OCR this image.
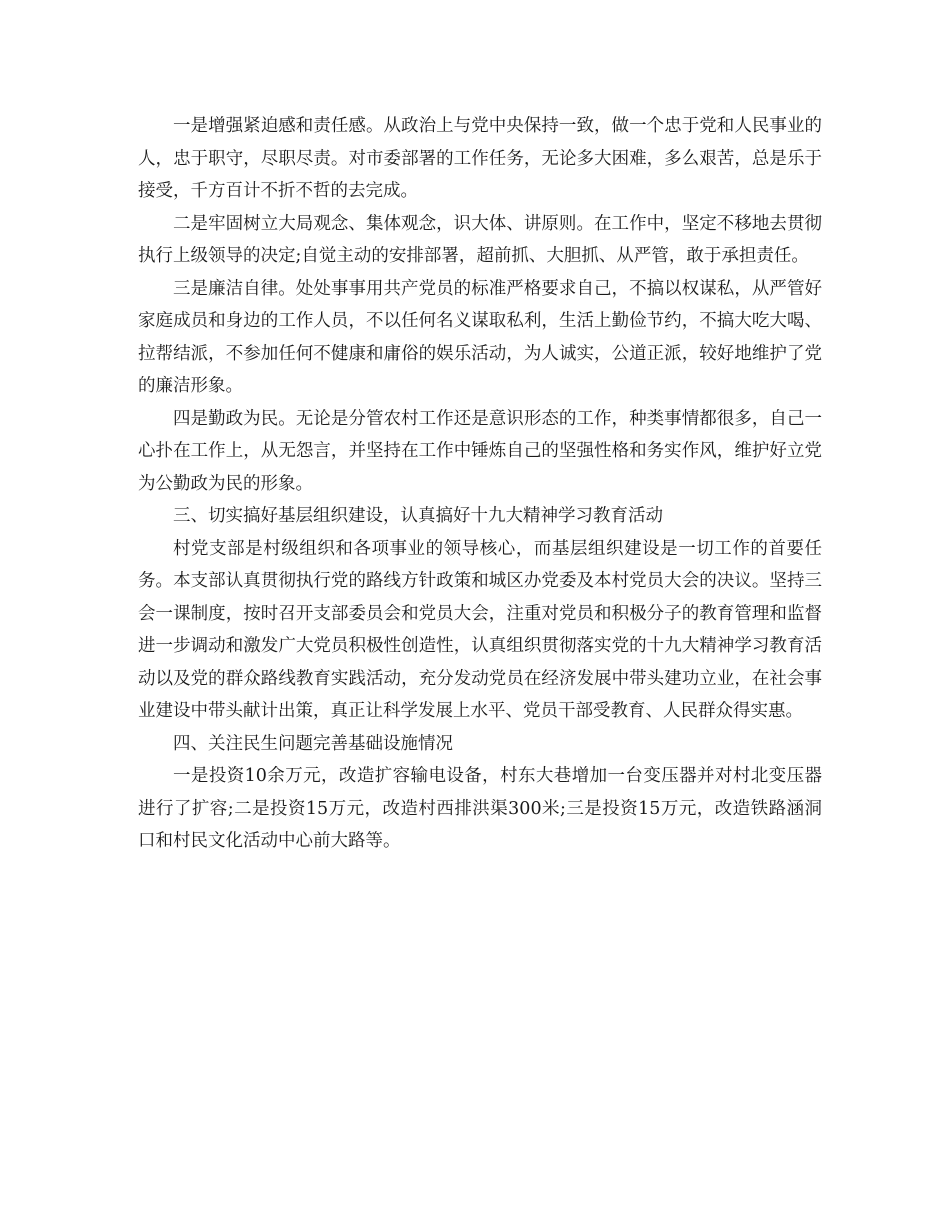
一是增强紧迫感和责任感。从政治上与党中央保持一致，做一个忠于党和人民事业的人，忠于职守，尽职尽责。对市委部署的工作任务，无论多大困难，多么艰苦，总是乐于接受，千方百计不折不哲的去完成。

二是牢固树立大局观念、集体观念，识大体、讲原则。在工作中，坚定不移地去贯彻执行上级领导的决定;自觉主动的安排部署，超前抓、大胆抓、从严管，敢于承担责任。

三是廉洁自律。处处事事用共产党员的标准严格要求自己，不搞以权谋私，从严管好家庭成员和身边的工作人员，不以任何名义谋取私利，生活上勤俭节约，不搞大吃大喝、拉帮结派，不参加任何不健康和庸俗的娱乐活动，为人诚实，公道正派，较好地维护了党的廉洁形象。

四是勤政为民。无论是分管农村工作还是意识形态的工作，种类事情都很多，自己一心扑在工作上，从无怨言，并坚持在工作中锤炼自己的坚强性格和务实作风，维护好立党为公勤政为民的形象。

三、切实搞好基层组织建设，认真搞好十九大精神学习教育活动

村党支部是村级组织和各项事业的领导核心，而基层组织建设是一切工作的首要任务。本支部认真贯彻执行党的路线方针政策和城区办党委及本村党员大会的决议。坚持三会一课制度，按时召开支部委员会和党员大会，注重对党员和积极分子的教育管理和监督进一步调动和激发广大党员积极性创造性，认真组织贯彻落实党的十九大精神学习教育活动以及党的群众路线教育实践活动，充分发动党员在经济发展中带头建功立业，在社会事业建设中带头献计出策，真正让科学发展上水平、党员干部受教育、人民群众得实惠。

四、关注民生问题完善基础设施情况

一是投资10余万元，改造扩容输电设备，村东大巷增加一台变压器并对村北变压器进行了扩容;二是投资15万元，改造村西排洪渠300米;三是投资15万元，改造铁路涵洞口和村民文化活动中心前大路等。
